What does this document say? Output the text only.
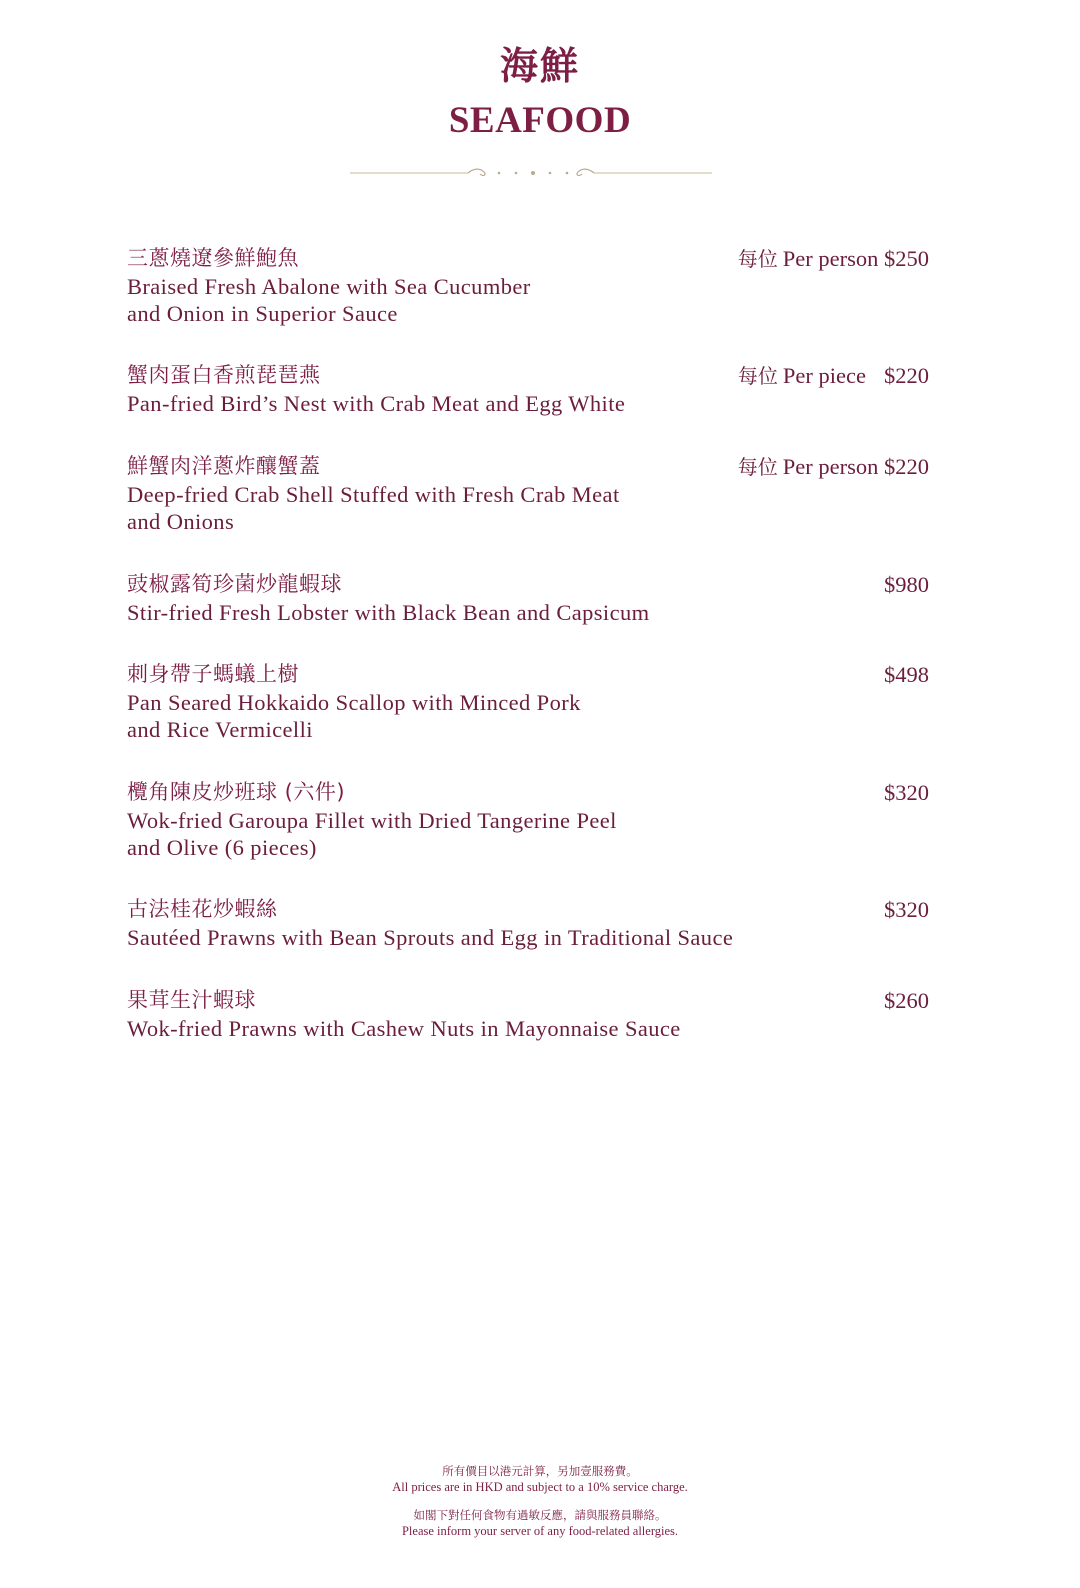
海鮮
SEAFOOD
三蔥燒遼參鮮鮑魚
Braised Fresh Abalone with Sea Cucumber
and Onion in Superior Sauce
每位 Per person $250
蟹肉蛋白香煎琵琶燕
Pan-fried Bird’s Nest with Crab Meat and Egg White
每位 Per piece $220
鮮蟹肉洋蔥炸釀蟹蓋
Deep-fried Crab Shell Stuffed with Fresh Crab Meat
and Onions
每位 Per person $220
豉椒露筍珍菌炒龍蝦球
Stir-fried Fresh Lobster with Black Bean and Capsicum
$980
刺身帶子螞蟻上樹
Pan Seared Hokkaido Scallop with Minced Pork
and Rice Vermicelli
$498
欖角陳皮炒班球 (六件)
Wok-fried Garoupa Fillet with Dried Tangerine Peel
and Olive (6 pieces)
$320
古法桂花炒蝦絲
Sautéed Prawns with Bean Sprouts and Egg in Traditional Sauce
$320
果茸生汁蝦球
Wok-fried Prawns with Cashew Nuts in Mayonnaise Sauce
$260
所有價目以港元計算，另加壹服務費。
All prices are in HKD and subject to a 10% service charge.
如閣下對任何食物有過敏反應，請與服務員聯絡。
Please inform your server of any food-related allergies.
